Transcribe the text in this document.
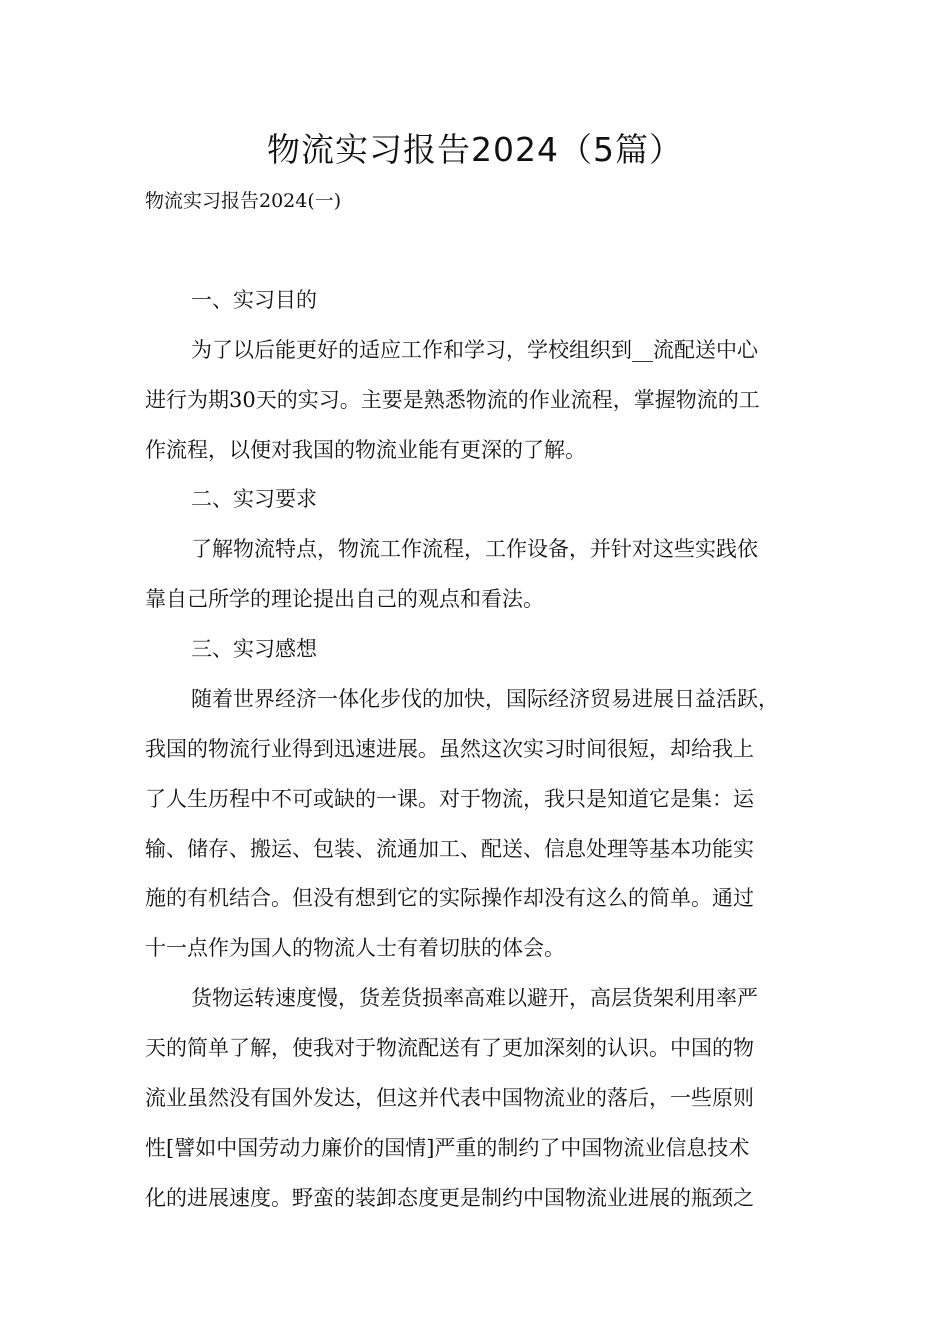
物流实习报告2024（5篇）
物流实习报告2024(一)
一、实习目的
为了以后能更好的适应工作和学习，学校组织到__流配送中心
进行为期30天的实习。主要是熟悉物流的作业流程，掌握物流的工
作流程，以便对我国的物流业能有更深的了解。
二、实习要求
了解物流特点，物流工作流程，工作设备，并针对这些实践依
靠自己所学的理论提出自己的观点和看法。
三、实习感想
随着世界经济一体化步伐的加快，国际经济贸易进展日益活跃，
我国的物流行业得到迅速进展。虽然这次实习时间很短，却给我上
了人生历程中不可或缺的一课。对于物流，我只是知道它是集：运
输、储存、搬运、包装、流通加工、配送、信息处理等基本功能实
施的有机结合。但没有想到它的实际操作却没有这么的简单。通过
十一点作为国人的物流人士有着切肤的体会。
货物运转速度慢，货差货损率高难以避开，高层货架利用率严
天的简单了解，使我对于物流配送有了更加深刻的认识。中国的物
流业虽然没有国外发达，但这并代表中国物流业的落后，一些原则
性[譬如中国劳动力廉价的国情]严重的制约了中国物流业信息技术
化的进展速度。野蛮的装卸态度更是制约中国物流业进展的瓶颈之
